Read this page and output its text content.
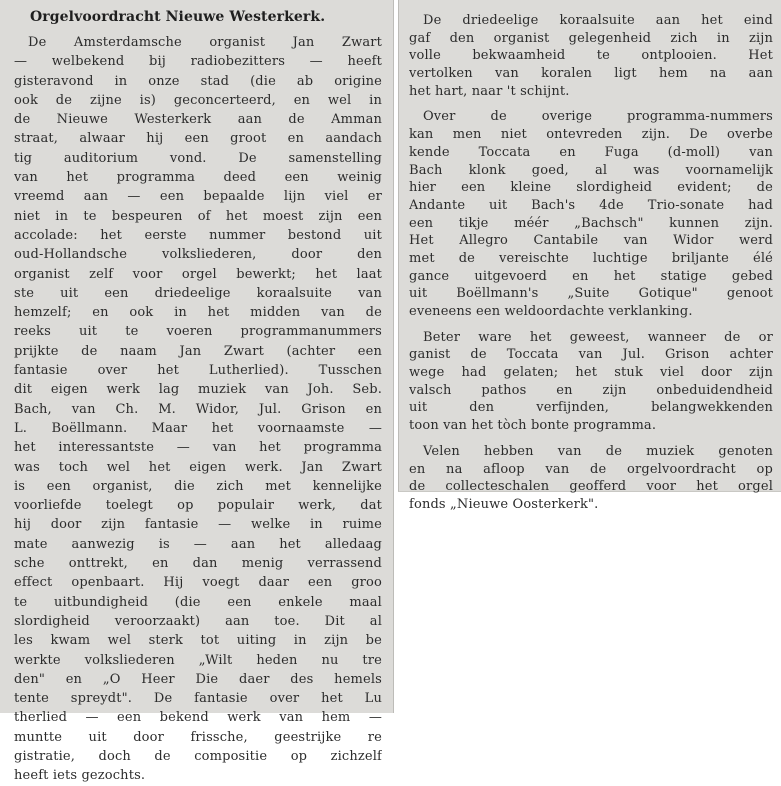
Orgelvoordracht Nieuwe Westerkerk.
De Amsterdamsche organist Jan Zwart
— welbekend bij radiobezitters — heeft
gisteravond in onze stad (die ab origine
ook de zijne is) geconcerteerd, en wel in
de Nieuwe Westerkerk aan de Amman
straat, alwaar hij een groot en aandach
tig auditorium vond. De samenstelling
van het programma deed een weinig
vreemd aan — een bepaalde lijn viel er
niet in te bespeuren of het moest zijn een
accolade: het eerste nummer bestond uit
oud-Hollandsche volksliederen, door den
organist zelf voor orgel bewerkt; het laat
ste uit een driedeelige koraalsuite van
hemzelf; en ook in het midden van de
reeks uit te voeren programmanummers
prijkte de naam Jan Zwart (achter een
fantasie over het Lutherlied). Tusschen
dit eigen werk lag muziek van Joh. Seb.
Bach, van Ch. M. Widor, Jul. Grison en
L. Boëllmann. Maar het voornaamste —
het interessantste — van het programma
was toch wel het eigen werk. Jan Zwart
is een organist, die zich met kennelijke
voorliefde toelegt op populair werk, dat
hij door zijn fantasie — welke in ruime
mate aanwezig is — aan het alledaag
sche onttrekt, en dan menig verrassend
effect openbaart. Hij voegt daar een groo
te uitbundigheid (die een enkele maal
slordigheid veroorzaakt) aan toe. Dit al
les kwam wel sterk tot uiting in zijn be
werkte volksliederen „Wilt heden nu tre
den" en „O Heer Die daer des hemels
tente spreydt". De fantasie over het Lu
therlied — een bekend werk van hem —
muntte uit door frissche, geestrijke re
gistratie, doch de compositie op zichzelf
heeft iets gezochts.
De driedeelige koraalsuite aan het eind
gaf den organist gelegenheid zich in zijn
volle bekwaamheid te ontplooien. Het
vertolken van koralen ligt hem na aan
het hart, naar 't schijnt.
Over de overige programma-nummers
kan men niet ontevreden zijn. De overbe
kende Toccata en Fuga (d-moll) van
Bach klonk goed, al was voornamelijk
hier een kleine slordigheid evident; de
Andante uit Bach's 4de Trio-sonate had
een tikje méér „Bachsch" kunnen zijn.
Het Allegro Cantabile van Widor werd
met de vereischte luchtige briljante élé
gance uitgevoerd en het statige gebed
uit Boëllmann's „Suite Gotique" genoot
eveneens een weldoordachte verklanking.
Beter ware het geweest, wanneer de or
ganist de Toccata van Jul. Grison achter
wege had gelaten; het stuk viel door zijn
valsch pathos en zijn onbeduidendheid
uit den verfijnden, belangwekkenden
toon van het tòch bonte programma.
Velen hebben van de muziek genoten
en na afloop van de orgelvoordracht op
de collecteschalen geofferd voor het orgel
fonds „Nieuwe Oosterkerk".
